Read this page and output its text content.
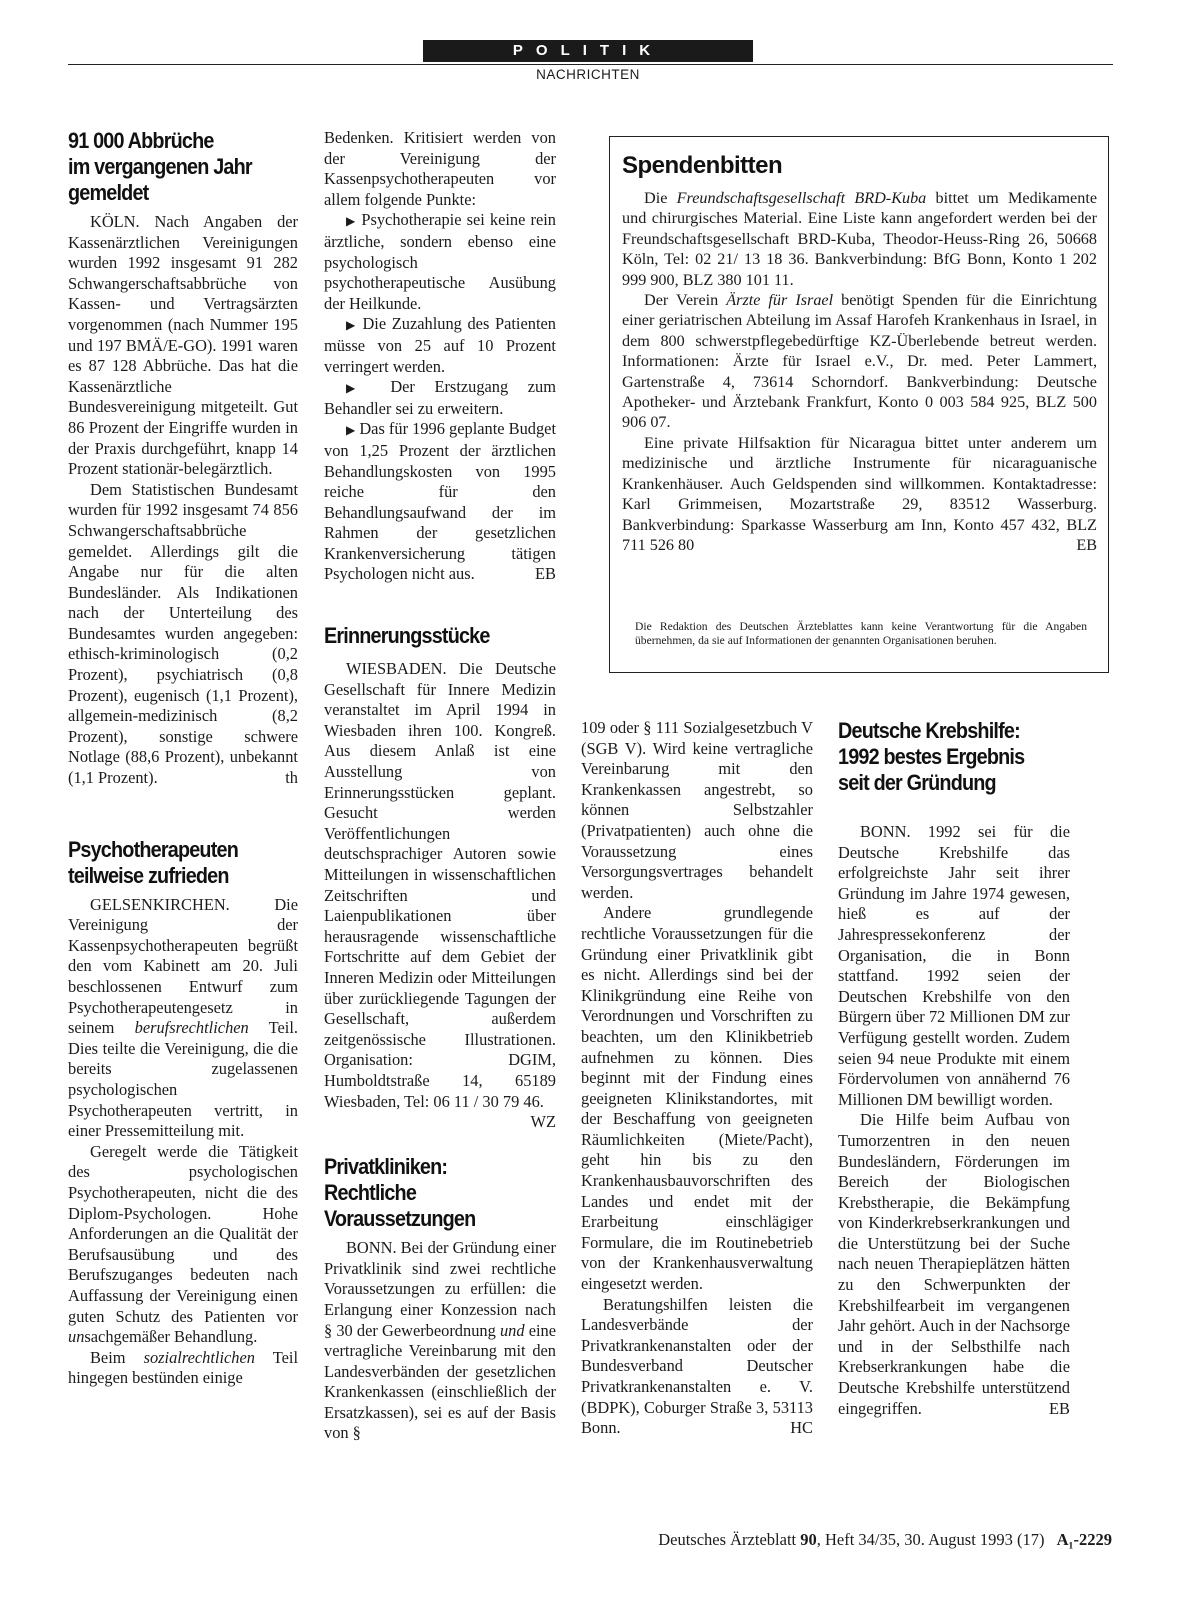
POLITIK
NACHRICHTEN
91 000 Abbrüche
im vergangenen Jahr
gemeldet

KÖLN. Nach Angaben der Kassenärztlichen Vereinigungen wurden 1992 insgesamt 91 282 Schwangerschaftsabbrüche von Kassen- und Vertragsärzten vorgenommen (nach Nummer 195 und 197 BMÄ/E-GO). 1991 waren es 87 128 Abbrüche. Das hat die Kassenärztliche Bundesvereinigung mitgeteilt. Gut 86 Prozent der Eingriffe wurden in der Praxis durchgeführt, knapp 14 Prozent stationär-belegärztlich.

Dem Statistischen Bundesamt wurden für 1992 insgesamt 74 856 Schwangerschaftsabbrüche gemeldet. Allerdings gilt die Angabe nur für die alten Bundesländer. Als Indikationen nach der Unterteilung des Bundesamtes wurden angegeben: ethisch-kriminologisch (0,2 Prozent), psychiatrisch (0,8 Prozent), eugenisch (1,1 Prozent), allgemein-medizinisch (8,2 Prozent), sonstige schwere Notlage (88,6 Prozent), unbekannt (1,1 Prozent).	th

Psychotherapeuten
teilweise zufrieden

GELSENKIRCHEN. Die Vereinigung der Kassenpsychotherapeuten begrüßt den vom Kabinett am 20. Juli beschlossenen Entwurf zum Psychotherapeutengesetz in seinem berufsrechtlichen Teil. Dies teilte die Vereinigung, die die bereits zugelassenen psychologischen Psychotherapeuten vertritt, in einer Pressemitteilung mit.

Geregelt werde die Tätigkeit des psychologischen Psychotherapeuten, nicht die des Diplom-Psychologen. Hohe Anforderungen an die Qualität der Berufsausübung und des Berufszuganges bedeuten nach Auffassung der Vereinigung einen guten Schutz des Patienten vor unsachgemäßer Behandlung.

Beim sozialrechtlichen Teil hingegen bestünden einige

Bedenken. Kritisiert werden von der Vereinigung der Kassenpsychotherapeuten vor allem folgende Punkte:

▶ Psychotherapie sei keine rein ärztliche, sondern ebenso eine psychologisch psychotherapeutische Ausübung der Heilkunde.

▶ Die Zuzahlung des Patienten müsse von 25 auf 10 Prozent verringert werden.

▶ Der Erstzugang zum Behandler sei zu erweitern.

▶ Das für 1996 geplante Budget von 1,25 Prozent der ärztlichen Behandlungskosten von 1995 reiche für den Behandlungsaufwand der im Rahmen der gesetzlichen Krankenversicherung tätigen Psychologen nicht aus.	EB

Erinnerungsstücke

WIESBADEN. Die Deutsche Gesellschaft für Innere Medizin veranstaltet im April 1994 in Wiesbaden ihren 100. Kongreß. Aus diesem Anlaß ist eine Ausstellung von Erinnerungsstücken geplant. Gesucht werden Veröffentlichungen deutschsprachiger Autoren sowie Mitteilungen in wissenschaftlichen Zeitschriften und Laienpublikationen über herausragende wissenschaftliche Fortschritte auf dem Gebiet der Inneren Medizin oder Mitteilungen über zurückliegende Tagungen der Gesellschaft, außerdem zeitgenössische Illustrationen. Organisation: DGIM, Humboldtstraße 14, 65189 Wiesbaden, Tel: 06 11 / 30 79 46.
WZ

Privatkliniken:
Rechtliche
Voraussetzungen

BONN. Bei der Gründung einer Privatklinik sind zwei rechtliche Voraussetzungen zu erfüllen: die Erlangung einer Konzession nach § 30 der Gewerbeordnung und eine vertragliche Vereinbarung mit den Landesverbänden der gesetzlichen Krankenkassen (einschließlich der Ersatzkassen), sei es auf der Basis von §

Spendenbitten

Die Freundschaftsgesellschaft BRD-Kuba bittet um Medikamente und chirurgisches Material. Eine Liste kann angefordert werden bei der Freundschaftsgesellschaft BRD-Kuba, Theodor-Heuss-Ring 26, 50668 Köln, Tel: 02 21/ 13 18 36. Bankverbindung: BfG Bonn, Konto 1 202 999 900, BLZ 380 101 11.

Der Verein Ärzte für Israel benötigt Spenden für die Einrichtung einer geriatrischen Abteilung im Assaf Harofeh Krankenhaus in Israel, in dem 800 schwerstpflegebedürftige KZ-Überlebende betreut werden. Informationen: Ärzte für Israel e.V., Dr. med. Peter Lammert, Gartenstraße 4, 73614 Schorndorf. Bankverbindung: Deutsche Apotheker- und Ärztebank Frankfurt, Konto 0 003 584 925, BLZ 500 906 07.

Eine private Hilfsaktion für Nicaragua bittet unter anderem um medizinische und ärztliche Instrumente für nicaraguanische Krankenhäuser. Auch Geldspenden sind willkommen. Kontaktadresse: Karl Grimmeisen, Mozartstraße 29, 83512 Wasserburg. Bankverbindung: Sparkasse Wasserburg am Inn, Konto 457 432, BLZ 711 526 80	EB

Die Redaktion des Deutschen Ärzteblattes kann keine Verantwortung für die Angaben übernehmen, da sie auf Informationen der genannten Organisationen beruhen.

109 oder § 111 Sozialgesetzbuch V (SGB V). Wird keine vertragliche Vereinbarung mit den Krankenkassen angestrebt, so können Selbstzahler (Privatpatienten) auch ohne die Voraussetzung eines Versorgungsvertrages behandelt werden.

Andere grundlegende rechtliche Voraussetzungen für die Gründung einer Privatklinik gibt es nicht. Allerdings sind bei der Klinikgründung eine Reihe von Verordnungen und Vorschriften zu beachten, um den Klinikbetrieb aufnehmen zu können. Dies beginnt mit der Findung eines geeigneten Klinikstandortes, mit der Beschaffung von geeigneten Räumlichkeiten (Miete/Pacht), geht hin bis zu den Krankenhausbauvorschriften des Landes und endet mit der Erarbeitung einschlägiger Formulare, die im Routinebetrieb von der Krankenhausverwaltung eingesetzt werden.

Beratungshilfen leisten die Landesverbände der Privatkrankenanstalten oder der Bundesverband Deutscher Privatkrankenanstalten e. V. (BDPK), Coburger Straße 3, 53113 Bonn.	HC

Deutsche Krebshilfe:
1992 bestes Ergebnis
seit der Gründung

BONN. 1992 sei für die Deutsche Krebshilfe das erfolgreichste Jahr seit ihrer Gründung im Jahre 1974 gewesen, hieß es auf der Jahrespressekonferenz der Organisation, die in Bonn stattfand. 1992 seien der Deutschen Krebshilfe von den Bürgern über 72 Millionen DM zur Verfügung gestellt worden. Zudem seien 94 neue Produkte mit einem Fördervolumen von annähernd 76 Millionen DM bewilligt worden.

Die Hilfe beim Aufbau von Tumorzentren in den neuen Bundesländern, Förderungen im Bereich der Biologischen Krebstherapie, die Bekämpfung von Kinderkrebserkrankungen und die Unterstützung bei der Suche nach neuen Therapieplätzen hätten zu den Schwerpunkten der Krebshilfearbeit im vergangenen Jahr gehört. Auch in der Nachsorge und in der Selbsthilfe nach Krebserkrankungen habe die Deutsche Krebshilfe unterstützend eingegriffen.	EB

Deutsches Ärzteblatt 90, Heft 34/35, 30. August 1993 (17) A₁-2229
